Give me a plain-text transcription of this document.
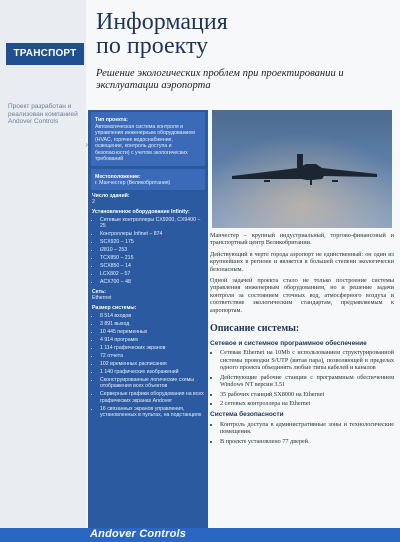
ТРАНСПОРТ
Проект разработан и реализован компанией Andover Controls
›
Информация
по проекту
Решение экологических проблем при проектировании и эксплуатации аэропорта
Тип проекта:
Автоматическая система контроля и управления инженерным оборудованием (HVAC, горячее водоснабжение, освещение, контроль доступа и безопасности) с учетом экологических требований
Местоположение:
г. Манчестер (Великобритания)
Число зданий:
2
Установленное оборудование Infinity:
• Сетевые контроллеры CX9200, CX9400 – 25
• Контроллеры Infinet – 874
• SCX920 – 175
• i2810 – 253
• TCX850 – 215
• SCX850 – 14
• LCX802 – 57
• ACX700 – 48
Сеть:
Ethernet
Размер системы:
• 8 514 входов
• 3 891 выход
• 10 445 переменных
• 4 914 программ
• 1 114 графических экранов
• 72 отчета
• 102 временных расписания
• 1 140 графических изображений
• Сконструированные логические схемы отображения всех объектов
• Серверные графики оборудования на всех графических экранах Andover
• 16 связанных экранов управления, установленных в пультах, на подстанциях

Манчестер – крупный индустриальный, торгово-финансовый и транспортный центр Великобритании.

Действующий в черте города аэропорт не единственный: он один из крупнейших в регионе и является в большей степени экологически безопасным.

Одной задачей проекта стало не только построение системы управления инженерным оборудованием, но и решение задачи контроля за состоянием сточных вод, атмосферного воздуха и соответствие экологическим стандартам, предъявляемым к аэропортам.

Описание системы:
Сетевое и системное программное обеспечение
• Сетевая Ethernet на 10Mb с использованием структурированной системы проводки S/UTP (витая пара), позволяющей в пределах одного проекта объединять любые типы кабелей и каналов
• Действующие рабочие станции с программным обеспечением Windows NT версии 3.51
• 35 рабочих станций SX8000 на Ethernet
• 2 сетевых контроллера на Ethernet
Система безопасности
• Контроль доступа в административные зоны и технологические помещения.
• В проекте установлено 77 дверей.
Andover Controls
